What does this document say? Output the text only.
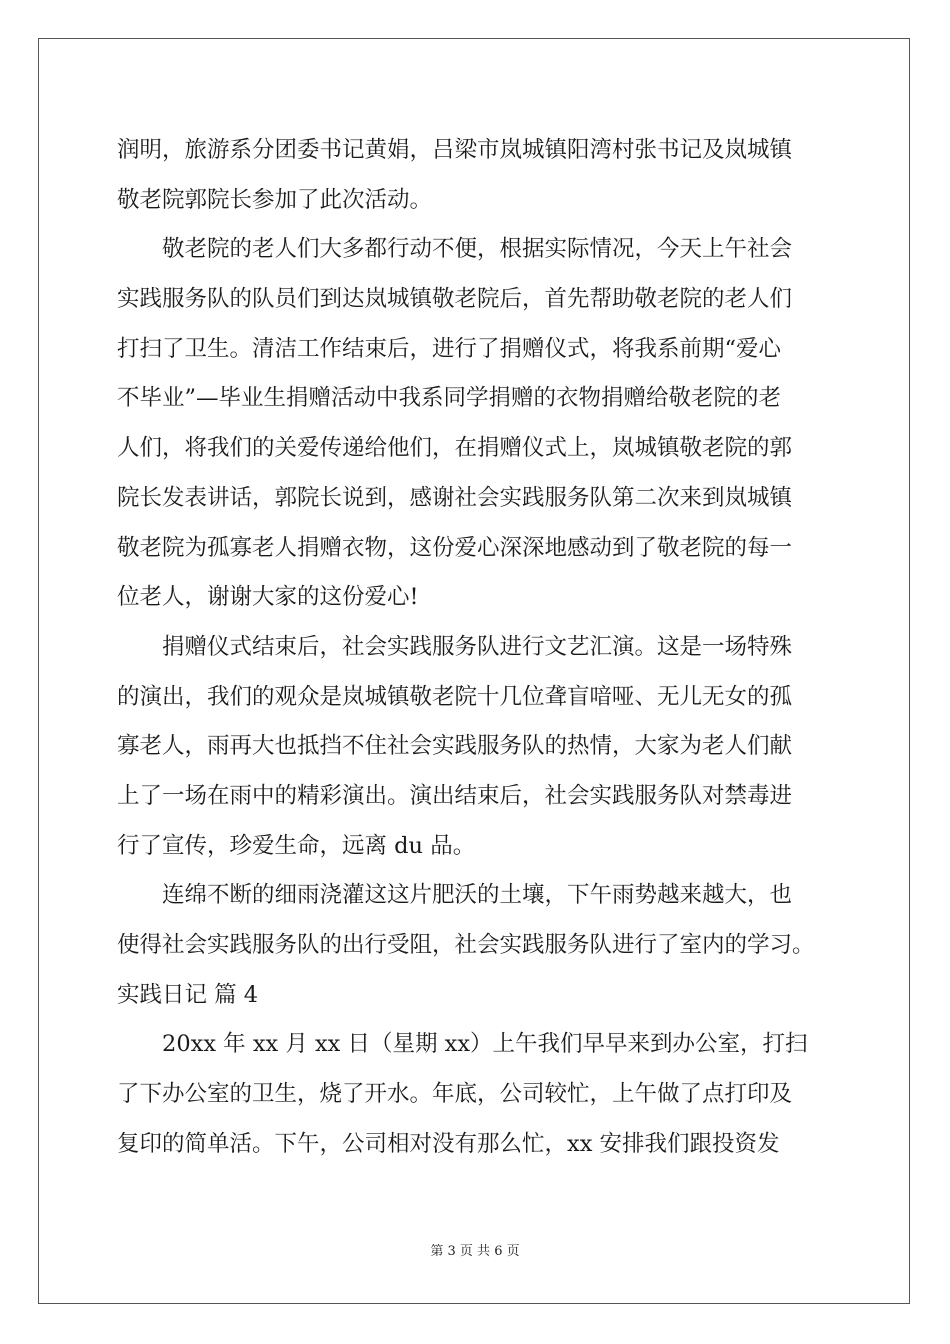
润明，旅游系分团委书记黄娟，吕梁市岚城镇阳湾村张书记及岚城镇
敬老院郭院长参加了此次活动。
敬老院的老人们大多都行动不便，根据实际情况，今天上午社会
实践服务队的队员们到达岚城镇敬老院后，首先帮助敬老院的老人们
打扫了卫生。清洁工作结束后，进行了捐赠仪式，将我系前期“爱心
不毕业”—毕业生捐赠活动中我系同学捐赠的衣物捐赠给敬老院的老
人们，将我们的关爱传递给他们，在捐赠仪式上，岚城镇敬老院的郭
院长发表讲话，郭院长说到，感谢社会实践服务队第二次来到岚城镇
敬老院为孤寡老人捐赠衣物，这份爱心深深地感动到了敬老院的每一
位老人，谢谢大家的这份爱心!
捐赠仪式结束后，社会实践服务队进行文艺汇演。这是一场特殊
的演出，我们的观众是岚城镇敬老院十几位聋盲喑哑、无儿无女的孤
寡老人，雨再大也抵挡不住社会实践服务队的热情，大家为老人们献
上了一场在雨中的精彩演出。演出结束后，社会实践服务队对禁毒进
行了宣传，珍爱生命，远离 du 品。
连绵不断的细雨浇灌这这片肥沃的土壤，下午雨势越来越大，也
使得社会实践服务队的出行受阻，社会实践服务队进行了室内的学习。
实践日记 篇 4
20xx 年 xx 月 xx 日（星期 xx）上午我们早早来到办公室，打扫
了下办公室的卫生，烧了开水。年底，公司较忙，上午做了点打印及
复印的简单活。下午，公司相对没有那么忙，xx 安排我们跟投资发
第 3 页 共 6 页
